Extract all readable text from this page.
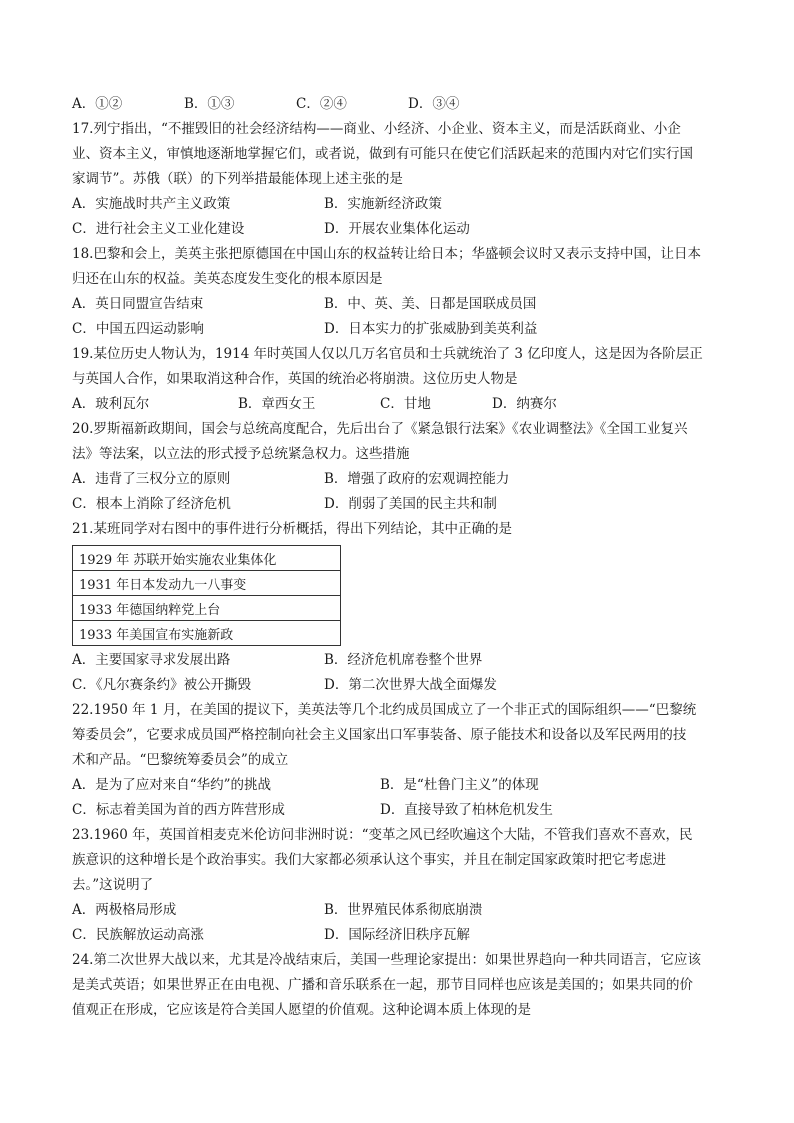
A．①②	B．①③	C．②④	D．③④
17.列宁指出，“不摧毁旧的社会经济结构——商业、小经济、小企业、资本主义，而是活跃商业、小企
业、资本主义，审慎地逐渐地掌握它们，或者说，做到有可能只在使它们活跃起来的范围内对它们实行国
家调节”。苏俄（联）的下列举措最能体现上述主张的是
A．实施战时共产主义政策	B．实施新经济政策
C．进行社会主义工业化建设	D．开展农业集体化运动
18.巴黎和会上，美英主张把原德国在中国山东的权益转让给日本；华盛顿会议时又表示支持中国，让日本
归还在山东的权益。美英态度发生变化的根本原因是
A．英日同盟宣告结束	B．中、英、美、日都是国联成员国
C．中国五四运动影响	D．日本实力的扩张威胁到美英利益
19.某位历史人物认为，1914 年时英国人仅以几万名官员和士兵就统治了 3 亿印度人，这是因为各阶层正
与英国人合作，如果取消这种合作，英国的统治必将崩溃。这位历史人物是
A．玻利瓦尔	B．章西女王	C．甘地	D．纳赛尔
20.罗斯福新政期间，国会与总统高度配合，先后出台了《紧急银行法案》《农业调整法》《全国工业复兴
法》等法案，以立法的形式授予总统紧急权力。这些措施
A．违背了三权分立的原则	B．增强了政府的宏观调控能力
C．根本上消除了经济危机	D．削弱了美国的民主共和制
21.某班同学对右图中的事件进行分析概括，得出下列结论，其中正确的是
1929 年 苏联开始实施农业集体化
1931 年日本发动九一八事变
1933 年德国纳粹党上台
1933 年美国宣布实施新政
A．主要国家寻求发展出路	B．经济危机席卷整个世界
C．《凡尔赛条约》被公开撕毁	D．第二次世界大战全面爆发
22.1950 年 1 月，在美国的提议下，美英法等几个北约成员国成立了一个非正式的国际组织——“巴黎统
筹委员会”，它要求成员国严格控制向社会主义国家出口军事装备、原子能技术和设备以及军民两用的技
术和产品。“巴黎统筹委员会”的成立
A．是为了应对来自“华约”的挑战	B．是“杜鲁门主义”的体现
C．标志着美国为首的西方阵营形成	D．直接导致了柏林危机发生
23.1960 年，英国首相麦克米伦访问非洲时说：“变革之风已经吹遍这个大陆，不管我们喜欢不喜欢，民
族意识的这种增长是个政治事实。我们大家都必须承认这个事实，并且在制定国家政策时把它考虑进
去。”这说明了
A．两极格局形成	B．世界殖民体系彻底崩溃
C．民族解放运动高涨	D．国际经济旧秩序瓦解
24.第二次世界大战以来，尤其是冷战结束后，美国一些理论家提出：如果世界趋向一种共同语言，它应该
是美式英语；如果世界正在由电视、广播和音乐联系在一起，那节目同样也应该是美国的；如果共同的价
值观正在形成，它应该是符合美国人愿望的价值观。这种论调本质上体现的是
